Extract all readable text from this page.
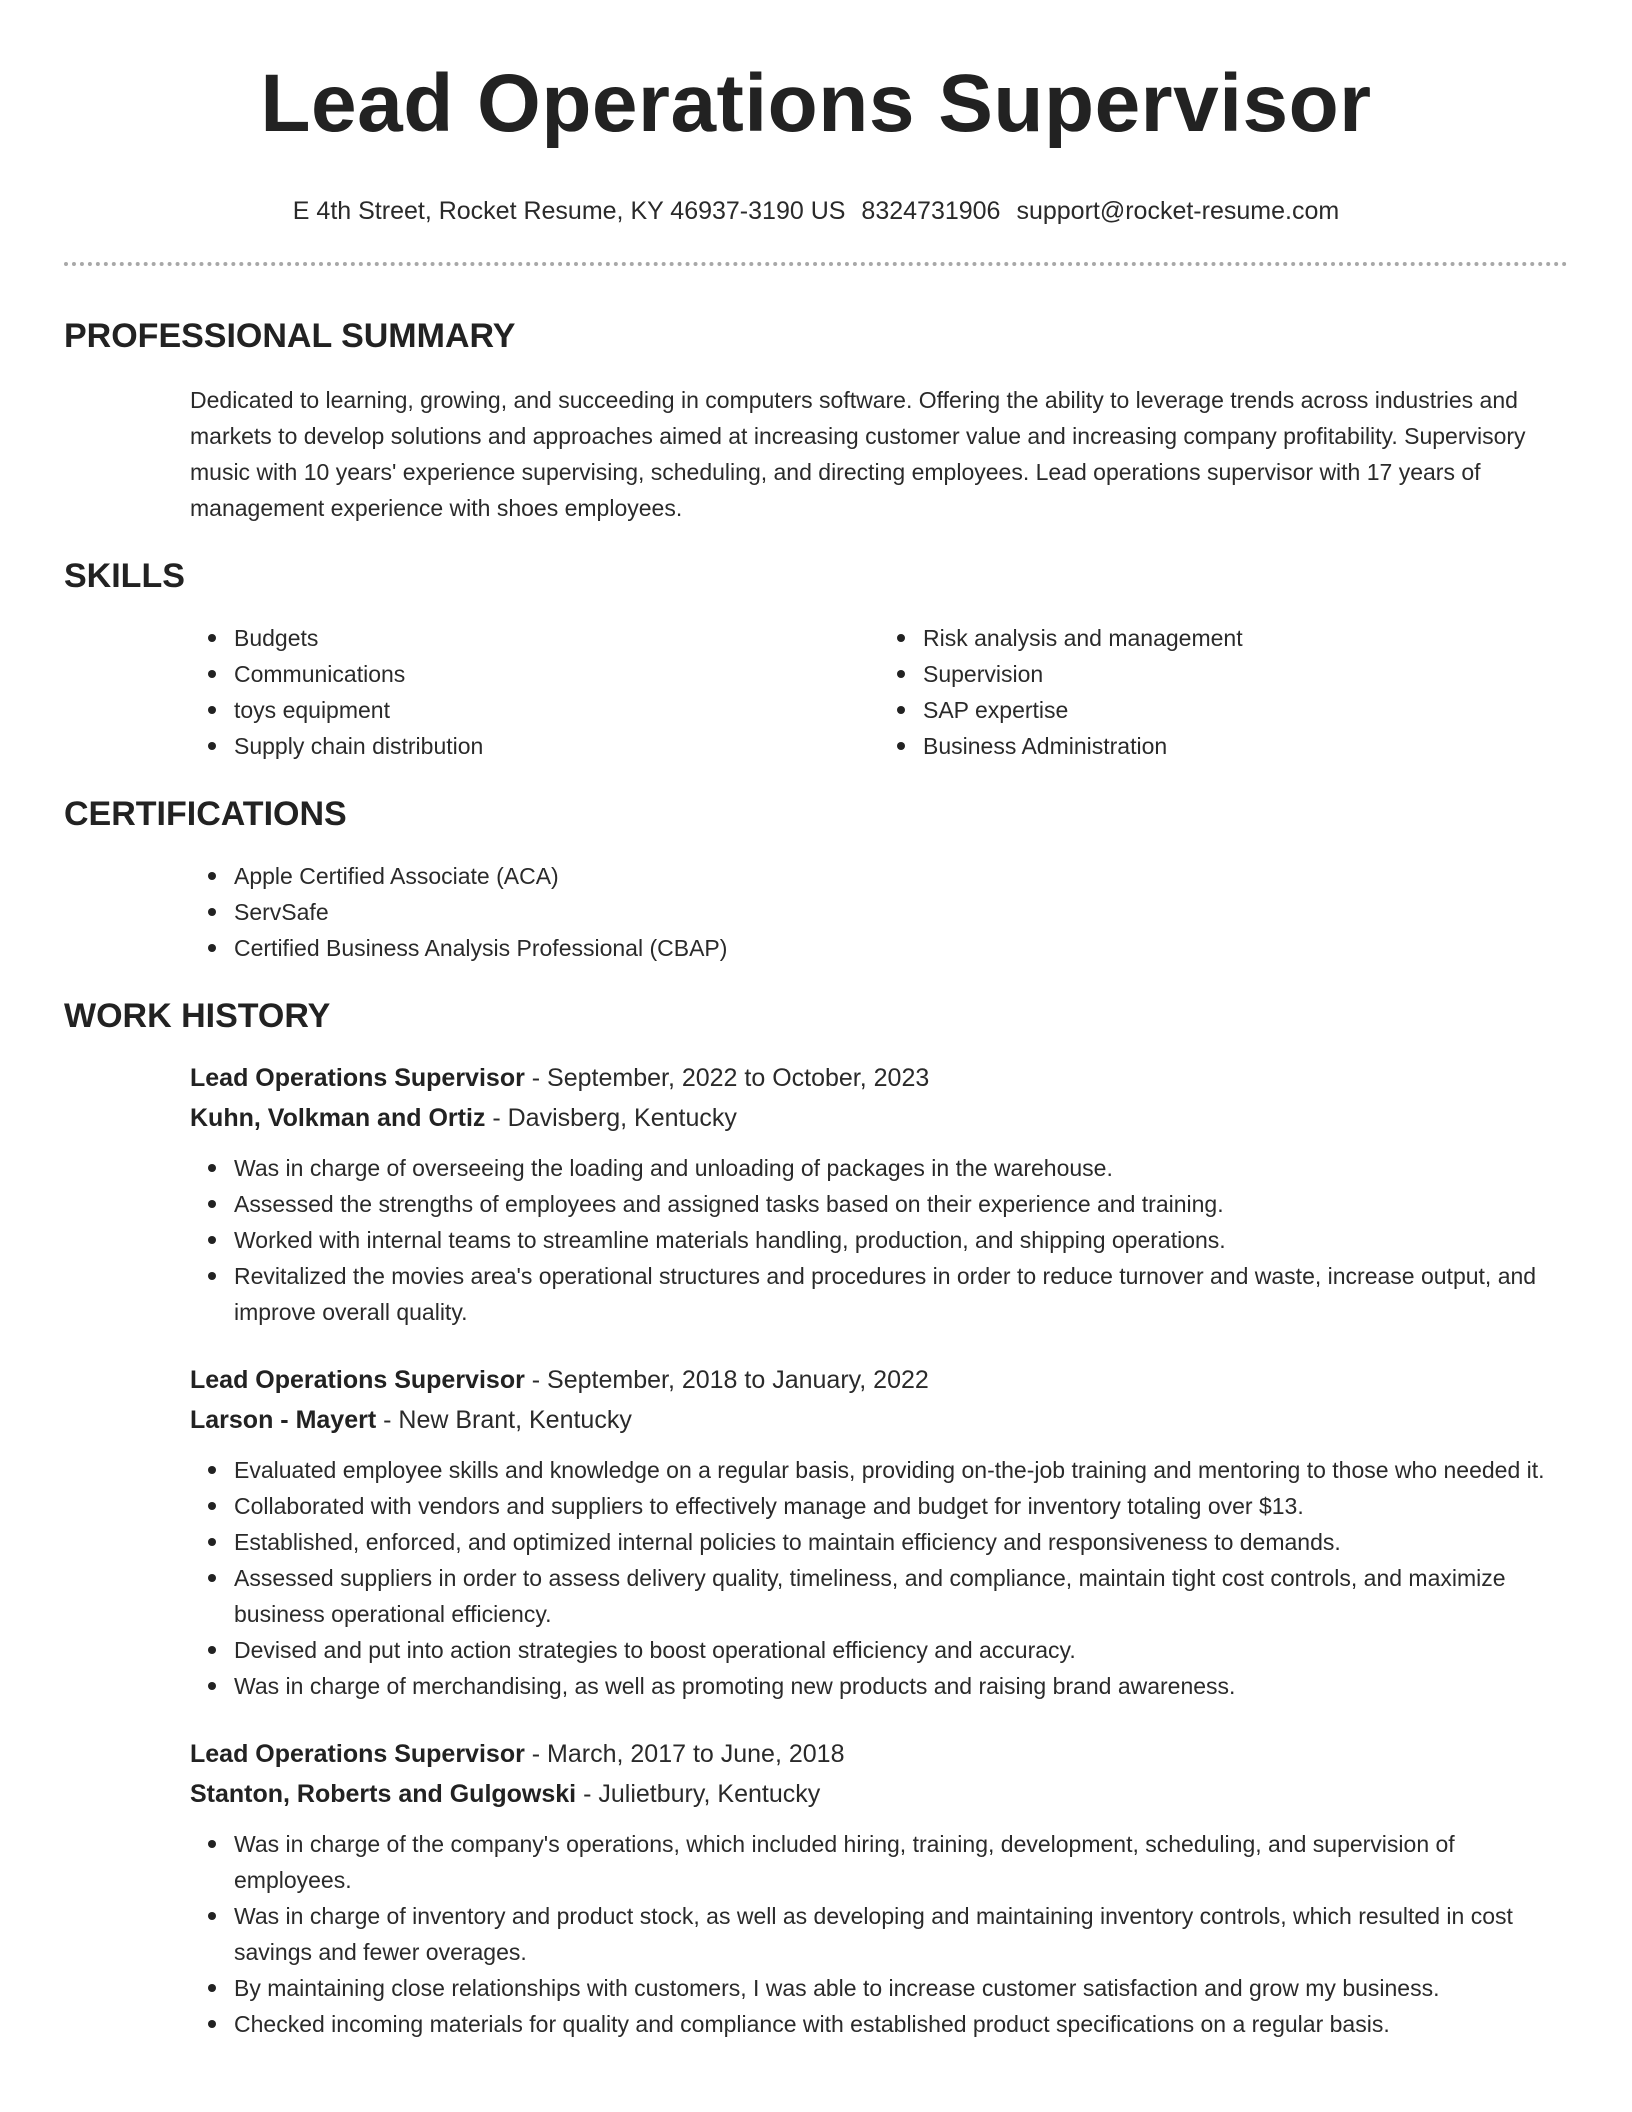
Lead Operations Supervisor
E 4th Street, Rocket Resume, KY 46937-3190 US 8324731906 support@rocket-resume.com
PROFESSIONAL SUMMARY
Dedicated to learning, growing, and succeeding in computers software. Offering the ability to leverage trends across industries and markets to develop solutions and approaches aimed at increasing customer value and increasing company profitability. Supervisory music with 10 years' experience supervising, scheduling, and directing employees. Lead operations supervisor with 17 years of management experience with shoes employees.
SKILLS
Budgets
Communications
toys equipment
Supply chain distribution
Risk analysis and management
Supervision
SAP expertise
Business Administration
CERTIFICATIONS
Apple Certified Associate (ACA)
ServSafe
Certified Business Analysis Professional (CBAP)
WORK HISTORY
Lead Operations Supervisor - September, 2022 to October, 2023
Kuhn, Volkman and Ortiz - Davisberg, Kentucky
Was in charge of overseeing the loading and unloading of packages in the warehouse.
Assessed the strengths of employees and assigned tasks based on their experience and training.
Worked with internal teams to streamline materials handling, production, and shipping operations.
Revitalized the movies area's operational structures and procedures in order to reduce turnover and waste, increase output, and improve overall quality.
Lead Operations Supervisor - September, 2018 to January, 2022
Larson - Mayert - New Brant, Kentucky
Evaluated employee skills and knowledge on a regular basis, providing on-the-job training and mentoring to those who needed it.
Collaborated with vendors and suppliers to effectively manage and budget for inventory totaling over $13.
Established, enforced, and optimized internal policies to maintain efficiency and responsiveness to demands.
Assessed suppliers in order to assess delivery quality, timeliness, and compliance, maintain tight cost controls, and maximize business operational efficiency.
Devised and put into action strategies to boost operational efficiency and accuracy.
Was in charge of merchandising, as well as promoting new products and raising brand awareness.
Lead Operations Supervisor - March, 2017 to June, 2018
Stanton, Roberts and Gulgowski - Julietbury, Kentucky
Was in charge of the company's operations, which included hiring, training, development, scheduling, and supervision of employees.
Was in charge of inventory and product stock, as well as developing and maintaining inventory controls, which resulted in cost savings and fewer overages.
By maintaining close relationships with customers, I was able to increase customer satisfaction and grow my business.
Checked incoming materials for quality and compliance with established product specifications on a regular basis.
